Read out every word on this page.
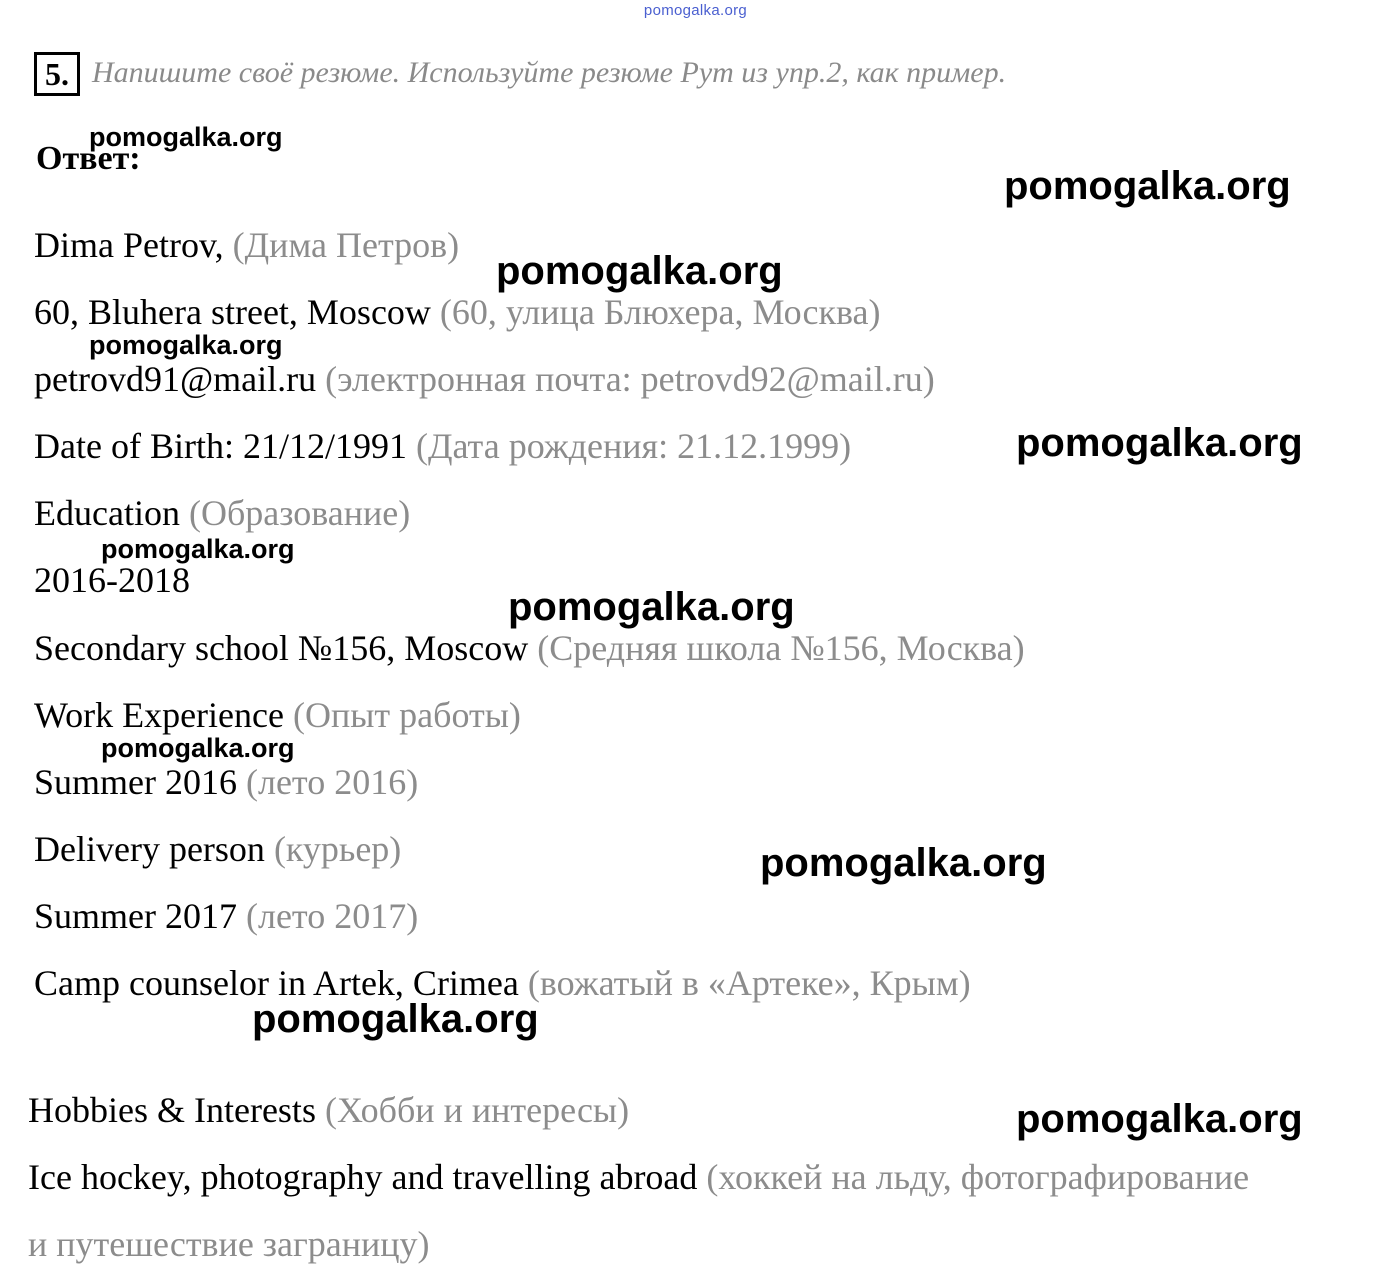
pomogalka.org
5. Напишите своё резюме. Используйте резюме Рут из упр.2, как пример.
Ответ:
Dima Petrov, (Дима Петров)
60, Bluhera street, Moscow (60, улица Блюхера, Москва)
petrovd91@mail.ru (электронная почта: petrovd92@mail.ru)
Date of Birth: 21/12/1991 (Дата рождения: 21.12.1999)
Education (Образование)
2016-2018
Secondary school №156, Moscow (Средняя школа №156, Москва)
Work Experience (Опыт работы)
Summer 2016 (лето 2016)
Delivery person (курьер)
Summer 2017 (лето 2017)
Camp counselor in Artek, Crimea (вожатый в «Артеке», Крым)
Hobbies & Interests (Хобби и интересы)
Ice hockey, photography and travelling abroad (хоккей на льду, фотографирование
и путешествие заграницу)
pomogalka.org
pomogalka.org
pomogalka.org
pomogalka.org
pomogalka.org
pomogalka.org
pomogalka.org
pomogalka.org
pomogalka.org
pomogalka.org
pomogalka.org
